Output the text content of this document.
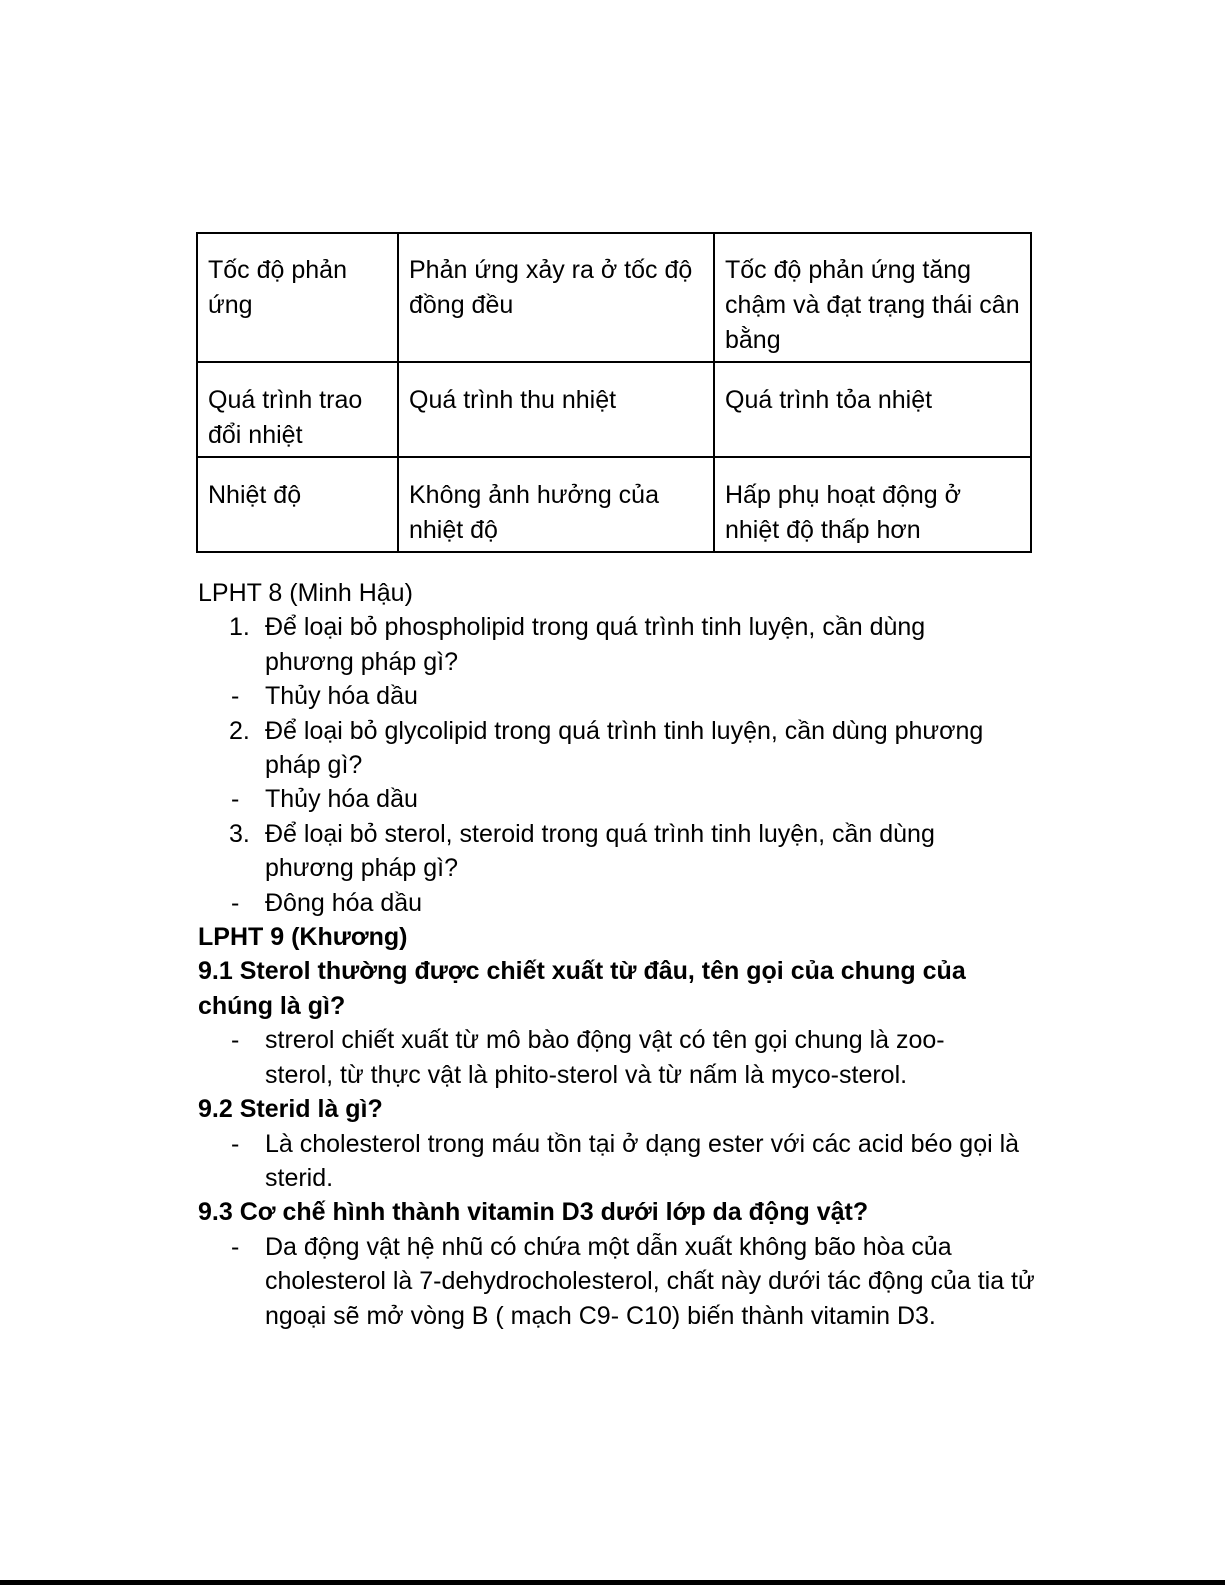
Tốc độ phản ứng	Phản ứng xảy ra ở tốc độ đồng đều	Tốc độ phản ứng tăng chậm và đạt trạng thái cân bằng
Quá trình trao đổi nhiệt	Quá trình thu nhiệt	Quá trình tỏa nhiệt
Nhiệt độ	Không ảnh hưởng của nhiệt độ	Hấp phụ hoạt động ở nhiệt độ thấp hơn

LPHT 8 (Minh Hậu)

1. Để loại bỏ phospholipid trong quá trình tinh luyện, cần dùng phương pháp gì?
- Thủy hóa dầu
2. Để loại bỏ glycolipid trong quá trình tinh luyện, cần dùng phương pháp gì?
- Thủy hóa dầu
3. Để loại bỏ sterol, steroid trong quá trình tinh luyện, cần dùng phương pháp gì?
- Đông hóa dầu

LPHT 9 (Khương)

9.1 Sterol thường được chiết xuất từ đâu, tên gọi của chung của chúng là gì?

- strerol chiết xuất từ mô bào động vật có tên gọi chung là zoo-sterol, từ thực vật là phito-sterol và từ nấm là myco-sterol.

9.2 Sterid là gì?

- Là cholesterol trong máu tồn tại ở dạng ester với các acid béo gọi là sterid.

9.3 Cơ chế hình thành vitamin D3 dưới lớp da động vật?

- Da động vật hệ nhũ có chứa một dẫn xuất không bão hòa của cholesterol là 7-dehydrocholesterol, chất này dưới tác động của tia tử ngoại sẽ mở vòng B ( mạch C9- C10) biến thành vitamin D3.
